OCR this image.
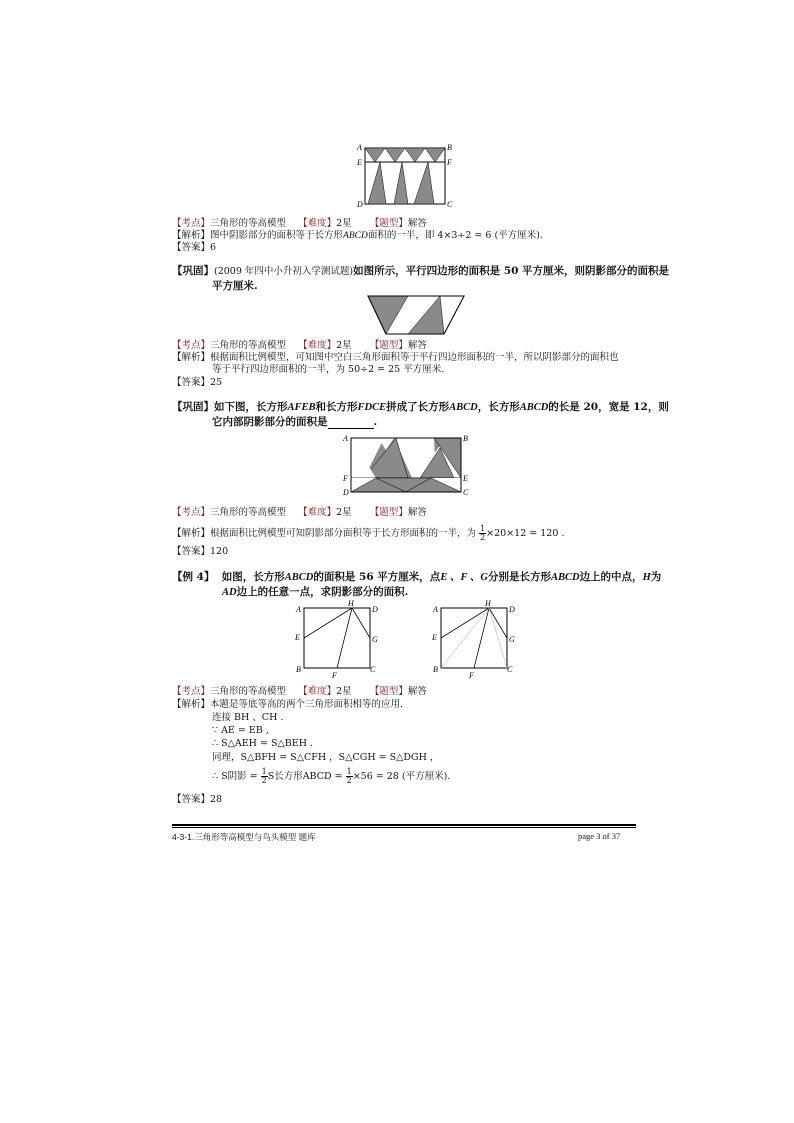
A	B
E	F
D	C
【考点】三角形的等高模型 【难度】2星 【题型】解答
【解析】图中阴影部分的面积等于长方形ABCD面积的一半，即 4×3÷2 = 6 (平方厘米).
【答案】6
【巩固】(2009 年四中小升初入学测试题)如图所示，平行四边形的面积是 50 平方厘米，则阴影部分的面积是
平方厘米.
【考点】三角形的等高模型 【难度】2星 【题型】解答
【解析】根据面积比例模型，可知图中空白三角形面积等于平行四边形面积的一半，所以阴影部分的面积也
等于平行四边形面积的一半，为 50÷2 = 25 平方厘米.
【答案】25
【巩固】如下图，长方形AFEB和长方形FDCE拼成了长方形ABCD，长方形ABCD的长是 20，宽是 12，则
它内部阴影部分的面积是	.
A	B
F	E
D	C
【考点】三角形的等高模型 【难度】2星 【题型】解答
【解析】根据面积比例模型可知阴影部分面积等于长方形面积的一半，为 $\frac{1}{2} \times 20\times 12 = 120$ .
【答案】120
【例 4】 如图，长方形ABCD的面积是 56 平方厘米，点E 、F 、G分别是长方形ABCD边上的中点，H为
AD边上的任意一点，求阴影部分的面积.
A
H
D
E	G
B
F
C
A
H
D
E	G
B
F
C
【考点】三角形的等高模型 【难度】2星 【题型】解答
【解析】本题是等底等高的两个三角形面积相等的应用.
连接 BH 、CH .
∵ AE = EB ,
∴ S△AEH = S△BEH .
同理，S△BFH = S△CFH ，S△CGH = S△DGH ，
∴ S阴影 = $\frac{1}{2}$ S长方形ABCD = $\frac{1}{2} \times 56 = 28$ (平方厘米).
【答案】28
4-3-1.三角形等高模型与鸟头模型 题库	page 3 of 37
